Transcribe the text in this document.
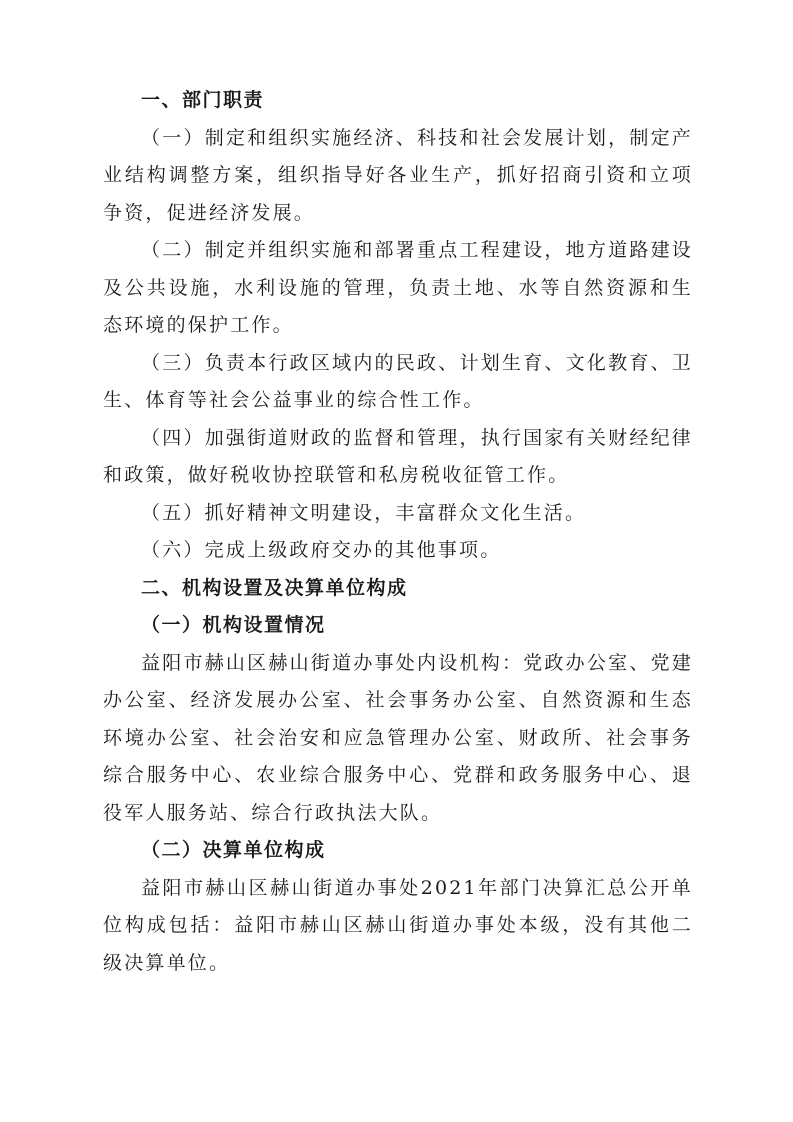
一、部门职责

（一）制定和组织实施经济、科技和社会发展计划，制定产业结构调整方案，组织指导好各业生产，抓好招商引资和立项争资，促进经济发展。

（二）制定并组织实施和部署重点工程建设，地方道路建设及公共设施，水利设施的管理，负责土地、水等自然资源和生态环境的保护工作。

（三）负责本行政区域内的民政、计划生育、文化教育、卫生、体育等社会公益事业的综合性工作。

（四）加强街道财政的监督和管理，执行国家有关财经纪律和政策，做好税收协控联管和私房税收征管工作。

（五）抓好精神文明建设，丰富群众文化生活。

（六）完成上级政府交办的其他事项。

二、机构设置及决算单位构成

（一）机构设置情况

益阳市赫山区赫山街道办事处内设机构：党政办公室、党建办公室、经济发展办公室、社会事务办公室、自然资源和生态环境办公室、社会治安和应急管理办公室、财政所、社会事务综合服务中心、农业综合服务中心、党群和政务服务中心、退役军人服务站、综合行政执法大队。

（二）决算单位构成

益阳市赫山区赫山街道办事处2021年部门决算汇总公开单位构成包括：益阳市赫山区赫山街道办事处本级，没有其他二级决算单位。
